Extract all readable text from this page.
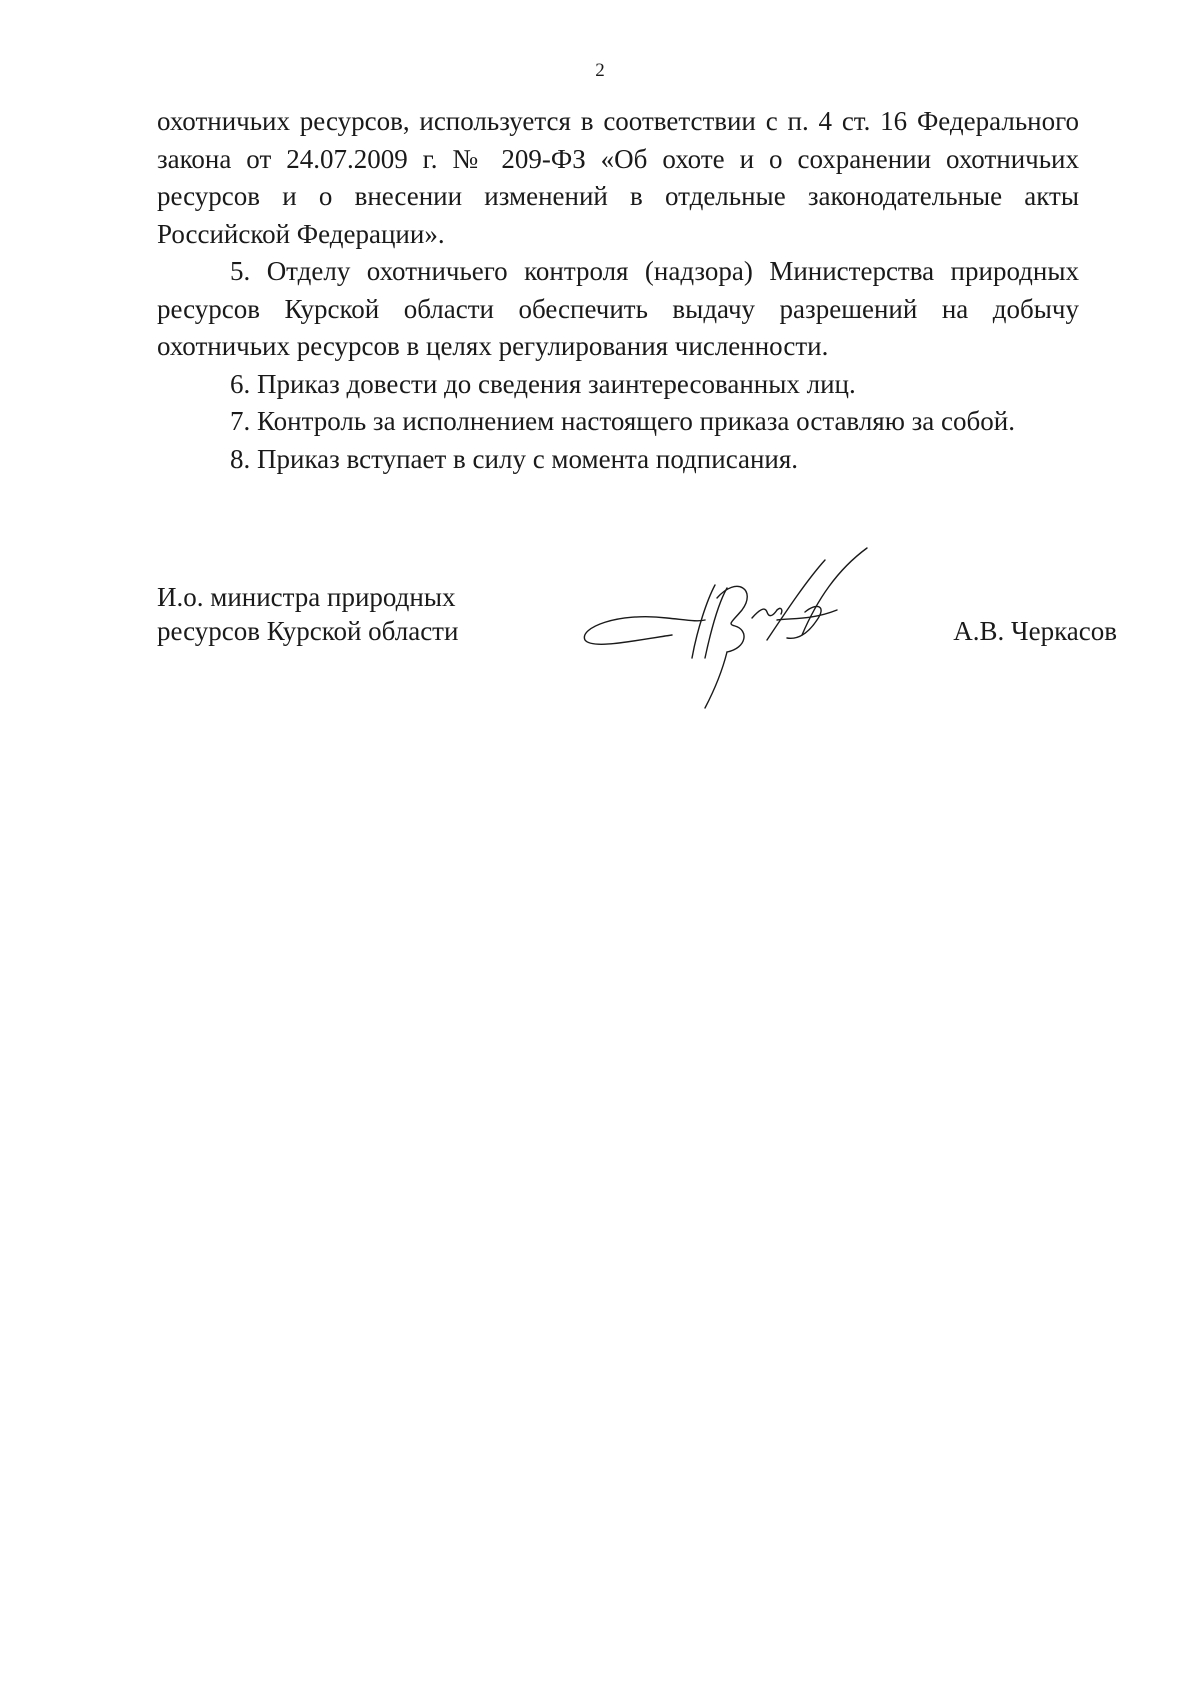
2

охотничьих ресурсов, используется в соответствии с п. 4 ст. 16 Федерального закона от 24.07.2009 г. № 209-ФЗ «Об охоте и о сохранении охотничьих ресурсов и о внесении изменений в отдельные законодательные акты Российской Федерации».

5. Отделу охотничьего контроля (надзора) Министерства природных ресурсов Курской области обеспечить выдачу разрешений на добычу охотничьих ресурсов в целях регулирования численности.

6. Приказ довести до сведения заинтересованных лиц.

7. Контроль за исполнением настоящего приказа оставляю за собой.

8. Приказ вступает в силу с момента подписания.

И.о. министра природных
ресурсов Курской области	А.В. Черкасов
